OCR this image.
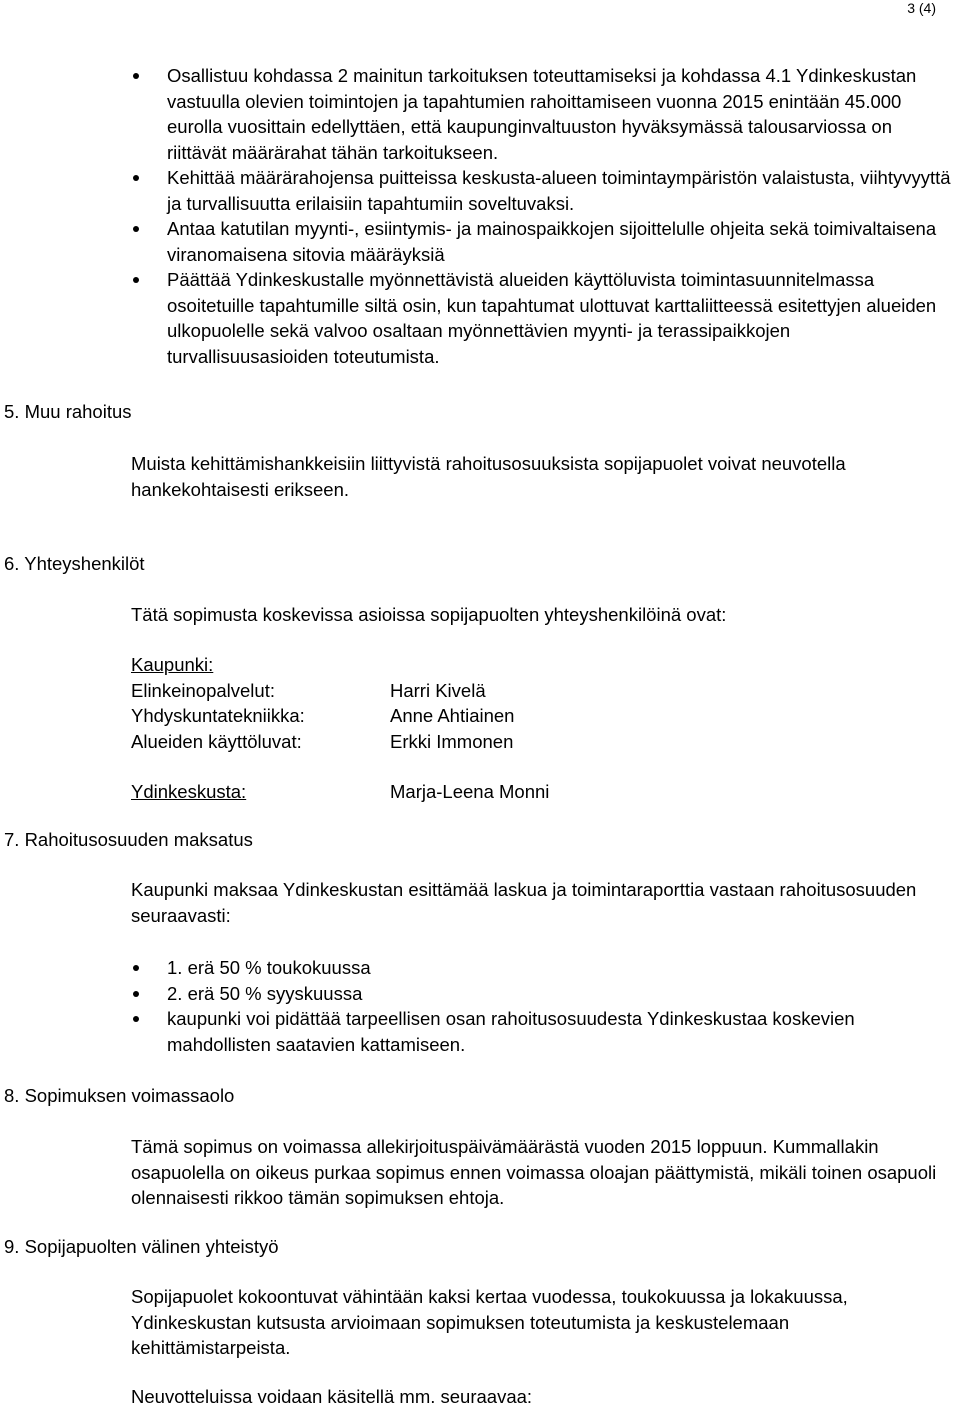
3 (4)
Osallistuu kohdassa 2 mainitun tarkoituksen toteuttamiseksi ja kohdassa 4.1 Ydinkeskustan vastuulla olevien toimintojen ja tapahtumien rahoittamiseen vuonna 2015 enintään 45.000 eurolla vuosittain edellyttäen, että kaupunginvaltuuston hyväksymässä talousarviossa on riittävät määrärahat tähän tarkoitukseen.
Kehittää määrärahojensa puitteissa keskusta-alueen toimintaympäristön valaistusta, viihtyvyyttä ja turvallisuutta erilaisiin tapahtumiin soveltuvaksi.
Antaa katutilan myynti-, esiintymis- ja mainospaikkojen sijoittelulle ohjeita sekä toimivaltaisena viranomaisena sitovia määräyksiä
Päättää Ydinkeskustalle myönnettävistä alueiden käyttöluvista toimintasuunnitelmassa osoitetuille tapahtumille siltä osin, kun tapahtumat ulottuvat karttaliitteessä esitettyjen alueiden ulkopuolelle sekä valvoo osaltaan myönnettävien myynti- ja terassipaikkojen turvallisuusasioiden toteutumista.
5. Muu rahoitus
Muista kehittämishankkeisiin liittyvistä rahoitusosuuksista sopijapuolet voivat neuvotella hankekohtaisesti erikseen.
6. Yhteyshenkilöt
Tätä sopimusta koskevissa asioissa sopijapuolten yhteyshenkilöinä ovat:
Kaupunki:
Elinkeinopalvelut:	Harri Kivelä
Yhdyskuntatekniikka:	Anne Ahtiainen
Alueiden käyttöluvat:	Erkki Immonen
Ydinkeskusta:	Marja-Leena Monni
7. Rahoitusosuuden maksatus
Kaupunki maksaa Ydinkeskustan esittämää laskua ja toimintaraporttia vastaan rahoitusosuuden seuraavasti:
1. erä 50 % toukokuussa
2. erä 50 % syyskuussa
kaupunki voi pidättää tarpeellisen osan rahoitusosuudesta Ydinkeskustaa koskevien mahdollisten saatavien kattamiseen.
8. Sopimuksen voimassaolo
Tämä sopimus on voimassa allekirjoituspäivämäärästä vuoden 2015 loppuun. Kummallakin osapuolella on oikeus purkaa sopimus ennen voimassa oloajan päättymistä, mikäli toinen osapuoli olennaisesti rikkoo tämän sopimuksen ehtoja.
9. Sopijapuolten välinen yhteistyö
Sopijapuolet kokoontuvat vähintään kaksi kertaa vuodessa, toukokuussa ja lokakuussa, Ydinkeskustan kutsusta arvioimaan sopimuksen toteutumista ja keskustelemaan kehittämistarpeista.
Neuvotteluissa voidaan käsitellä mm. seuraavaa:
